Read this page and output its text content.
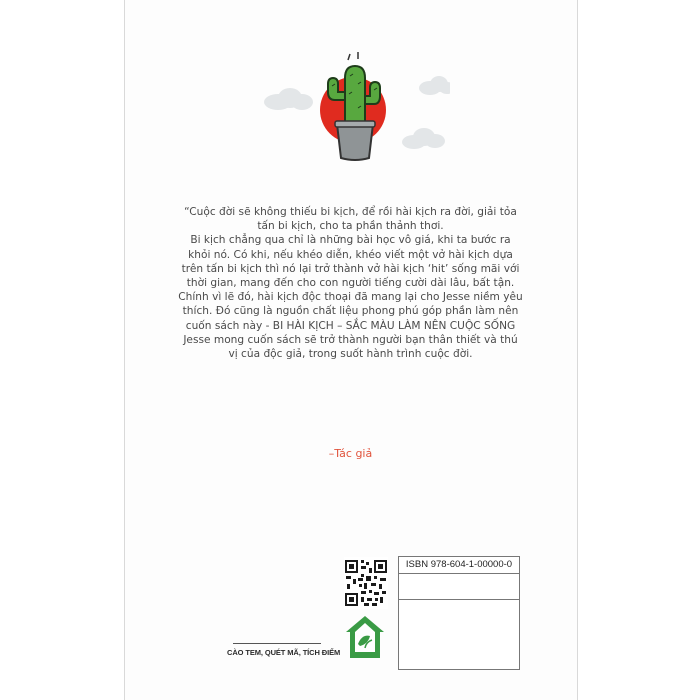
“Cuộc đời sẽ không thiếu bi kịch, để rồi hài kịch ra đời, giải tỏa tấn bi kịch, cho ta phần thảnh thơi.

Bi kịch chẳng qua chỉ là những bài học vô giá, khi ta bước ra khỏi nó. Có khi, nếu khéo diễn, khéo viết một vở hài kịch dựa trên tấn bi kịch thì nó lại trở thành vở hài kịch ‘hit’ sống mãi với thời gian, mang đến cho con người tiếng cười dài lâu, bất tận.

Chính vì lẽ đó, hài kịch độc thoại đã mang lại cho Jesse niềm yêu thích. Đó cũng là nguồn chất liệu phong phú góp phần làm nên cuốn sách này - BI HÀI KỊCH – SẮC MÀU LÀM NÊN CUỘC SỐNG

Jesse mong cuốn sách sẽ trở thành người bạn thân thiết và thú vị của độc giả, trong suốt hành trình cuộc đời.

–Tác giả
ISBN 978-604-1-00000-0
CÀO TEM, QUÉT MÃ, TÍCH ĐIỂM
